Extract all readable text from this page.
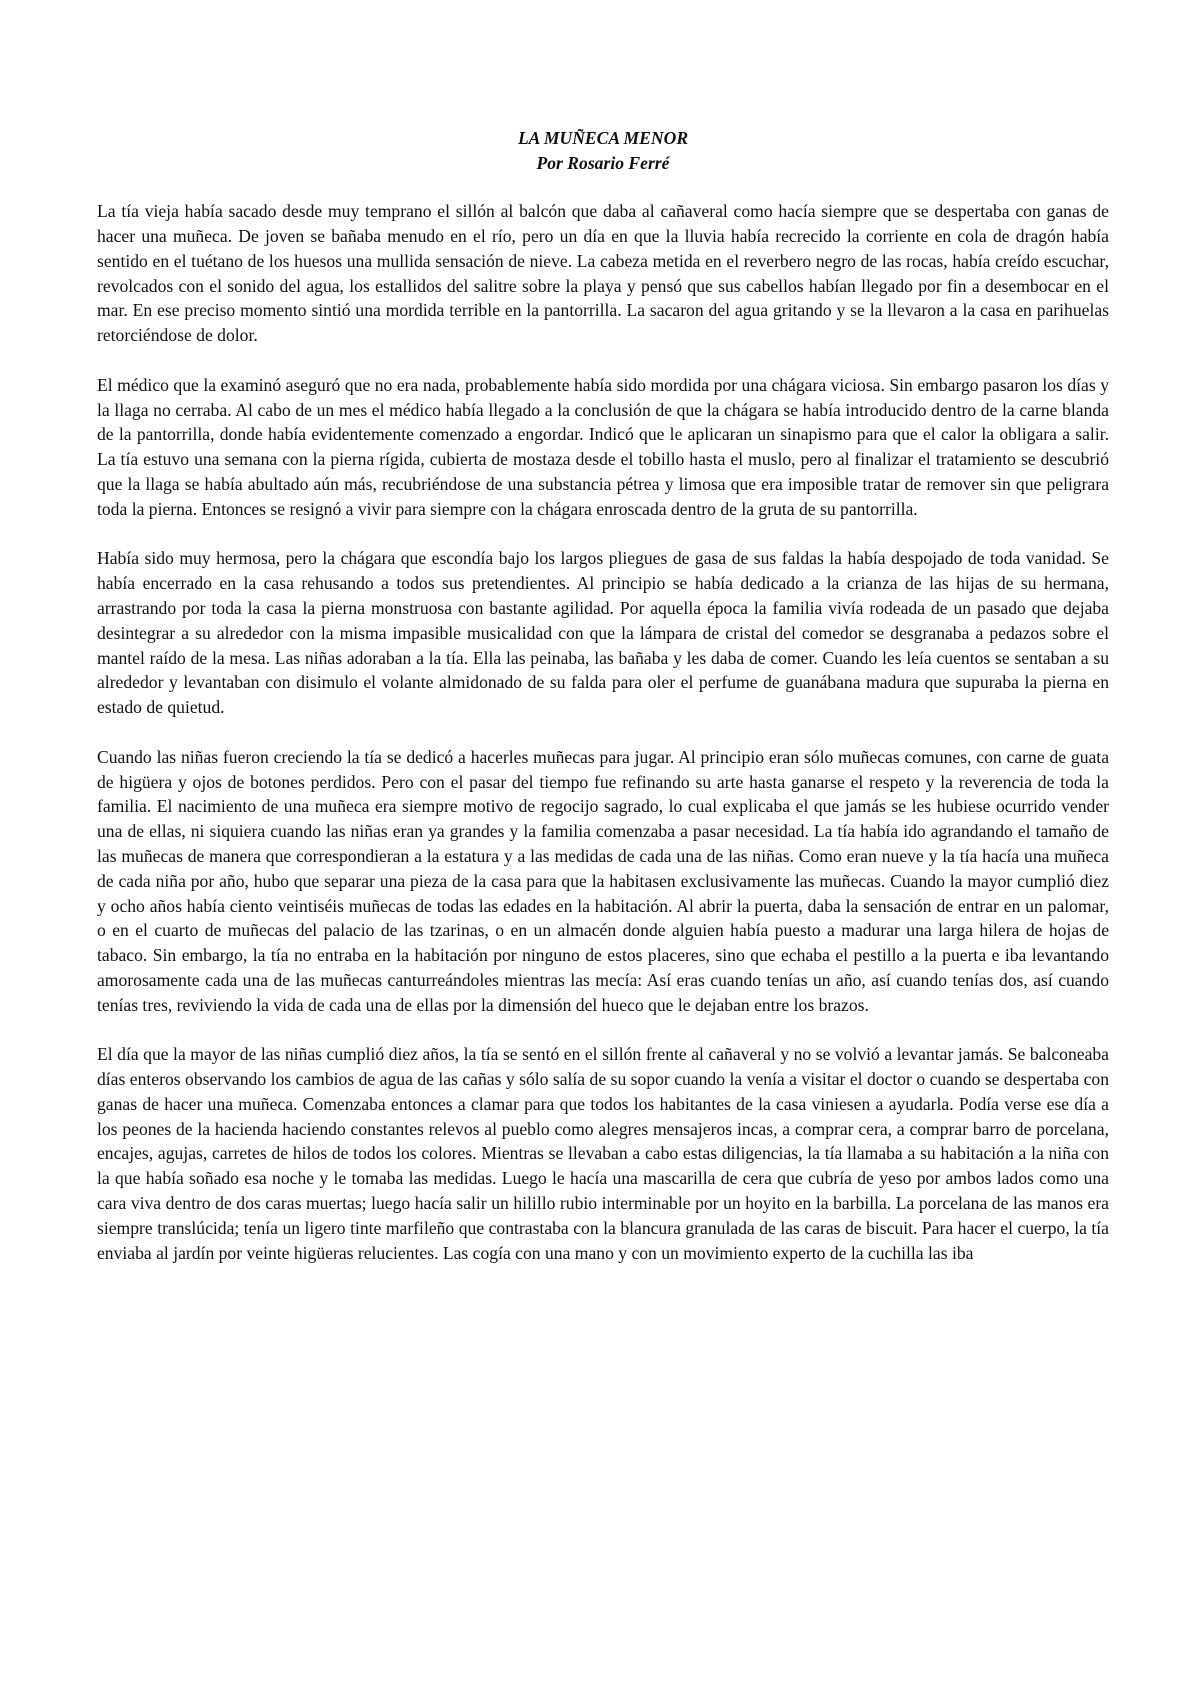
LA MUÑECA MENOR
Por Rosario Ferré

La tía vieja había sacado desde muy temprano el sillón al balcón que daba al cañaveral como hacía siempre que se despertaba con ganas de hacer una muñeca. De joven se bañaba menudo en el río, pero un día en que la lluvia había recrecido la corriente en cola de dragón había sentido en el tuétano de los huesos una mullida sensación de nieve. La cabeza metida en el reverbero negro de las rocas, había creído escuchar, revolcados con el sonido del agua, los estallidos del salitre sobre la playa y pensó que sus cabellos habían llegado por fin a desembocar en el mar. En ese preciso momento sintió una mordida terrible en la pantorrilla. La sacaron del agua gritando y se la llevaron a la casa en parihuelas retorciéndose de dolor.

El médico que la examinó aseguró que no era nada, probablemente había sido mordida por una chágara viciosa. Sin embargo pasaron los días y la llaga no cerraba. Al cabo de un mes el médico había llegado a la conclusión de que la chágara se había introducido dentro de la carne blanda de la pantorrilla, donde había evidentemente comenzado a engordar. Indicó que le aplicaran un sinapismo para que el calor la obligara a salir. La tía estuvo una semana con la pierna rígida, cubierta de mostaza desde el tobillo hasta el muslo, pero al finalizar el tratamiento se descubrió que la llaga se había abultado aún más, recubriéndose de una substancia pétrea y limosa que era imposible tratar de remover sin que peligrara toda la pierna. Entonces se resignó a vivir para siempre con la chágara enroscada dentro de la gruta de su pantorrilla.

Había sido muy hermosa, pero la chágara que escondía bajo los largos pliegues de gasa de sus faldas la había despojado de toda vanidad. Se había encerrado en la casa rehusando a todos sus pretendientes. Al principio se había dedicado a la crianza de las hijas de su hermana, arrastrando por toda la casa la pierna monstruosa con bastante agilidad. Por aquella época la familia vivía rodeada de un pasado que dejaba desintegrar a su alrededor con la misma impasible musicalidad con que la lámpara de cristal del comedor se desgranaba a pedazos sobre el mantel raído de la mesa. Las niñas adoraban a la tía. Ella las peinaba, las bañaba y les daba de comer. Cuando les leía cuentos se sentaban a su alrededor y levantaban con disimulo el volante almidonado de su falda para oler el perfume de guanábana madura que supuraba la pierna en estado de quietud.

Cuando las niñas fueron creciendo la tía se dedicó a hacerles muñecas para jugar. Al principio eran sólo muñecas comunes, con carne de guata de higüera y ojos de botones perdidos. Pero con el pasar del tiempo fue refinando su arte hasta ganarse el respeto y la reverencia de toda la familia. El nacimiento de una muñeca era siempre motivo de regocijo sagrado, lo cual explicaba el que jamás se les hubiese ocurrido vender una de ellas, ni siquiera cuando las niñas eran ya grandes y la familia comenzaba a pasar necesidad. La tía había ido agrandando el tamaño de las muñecas de manera que correspondieran a la estatura y a las medidas de cada una de las niñas. Como eran nueve y la tía hacía una muñeca de cada niña por año, hubo que separar una pieza de la casa para que la habitasen exclusivamente las muñecas. Cuando la mayor cumplió diez y ocho años había ciento veintiséis muñecas de todas las edades en la habitación. Al abrir la puerta, daba la sensación de entrar en un palomar, o en el cuarto de muñecas del palacio de las tzarinas, o en un almacén donde alguien había puesto a madurar una larga hilera de hojas de tabaco. Sin embargo, la tía no entraba en la habitación por ninguno de estos placeres, sino que echaba el pestillo a la puerta e iba levantando amorosamente cada una de las muñecas canturreándoles mientras las mecía: Así eras cuando tenías un año, así cuando tenías dos, así cuando tenías tres, reviviendo la vida de cada una de ellas por la dimensión del hueco que le dejaban entre los brazos.

El día que la mayor de las niñas cumplió diez años, la tía se sentó en el sillón frente al cañaveral y no se volvió a levantar jamás. Se balconeaba días enteros observando los cambios de agua de las cañas y sólo salía de su sopor cuando la venía a visitar el doctor o cuando se despertaba con ganas de hacer una muñeca. Comenzaba entonces a clamar para que todos los habitantes de la casa viniesen a ayudarla. Podía verse ese día a los peones de la hacienda haciendo constantes relevos al pueblo como alegres mensajeros incas, a comprar cera, a comprar barro de porcelana, encajes, agujas, carretes de hilos de todos los colores. Mientras se llevaban a cabo estas diligencias, la tía llamaba a su habitación a la niña con la que había soñado esa noche y le tomaba las medidas. Luego le hacía una mascarilla de cera que cubría de yeso por ambos lados como una cara viva dentro de dos caras muertas; luego hacía salir un hilillo rubio interminable por un hoyito en la barbilla. La porcelana de las manos era siempre translúcida; tenía un ligero tinte marfileño que contrastaba con la blancura granulada de las caras de biscuit. Para hacer el cuerpo, la tía enviaba al jardín por veinte higüeras relucientes. Las cogía con una mano y con un movimiento experto de la cuchilla las iba
